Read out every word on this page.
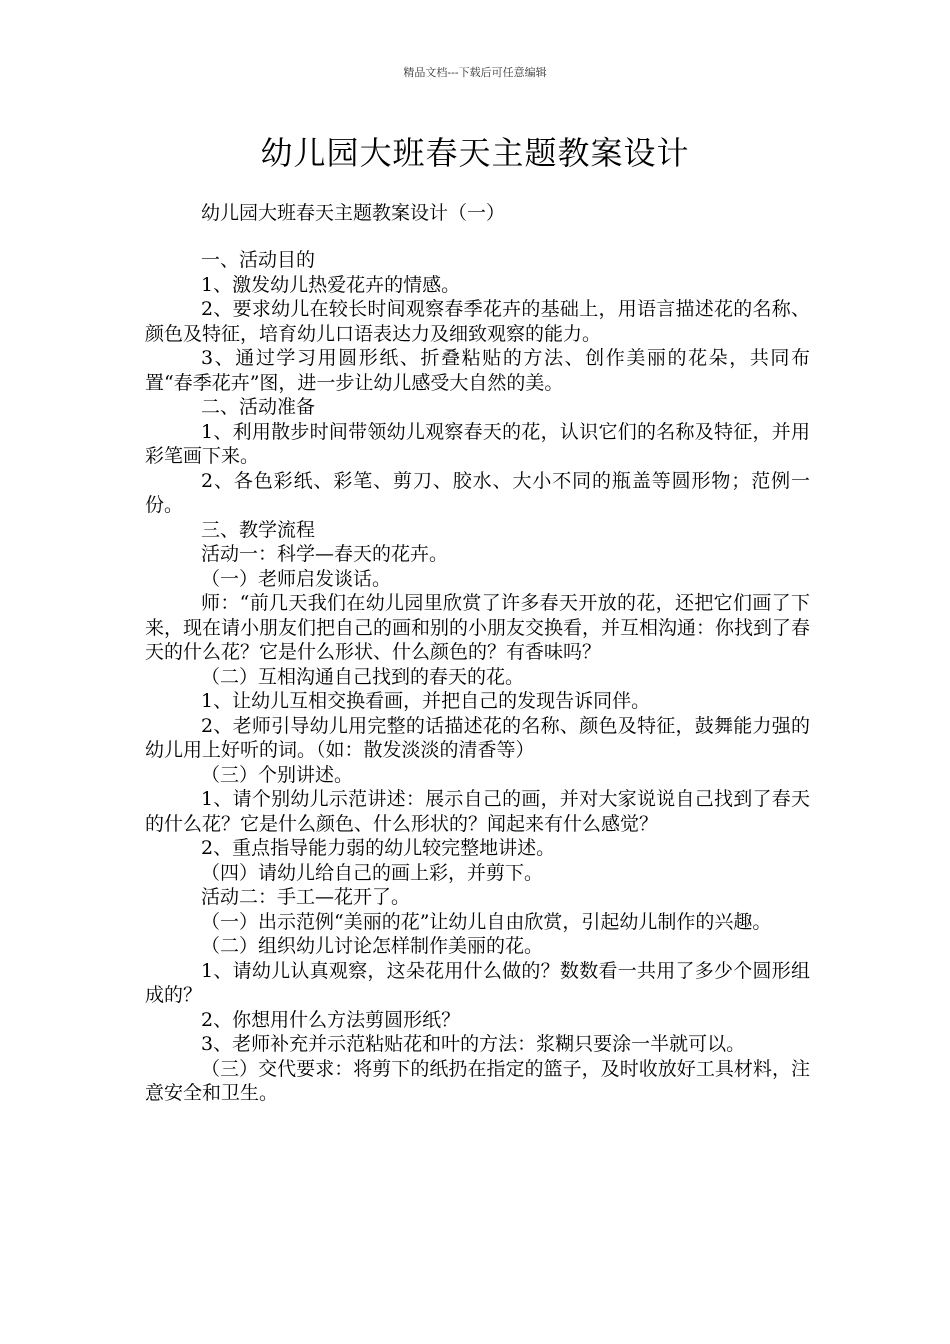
精品文档---下载后可任意编辑
幼儿园大班春天主题教案设计
幼儿园大班春天主题教案设计（一）

一、活动目的

1、激发幼儿热爱花卉的情感。

2、要求幼儿在较长时间观察春季花卉的基础上，用语言描述花的名称、颜色及特征，培育幼儿口语表达力及细致观察的能力。

3、通过学习用圆形纸、折叠粘贴的方法、创作美丽的花朵，共同布置“春季花卉”图，进一步让幼儿感受大自然的美。

二、活动准备

1、利用散步时间带领幼儿观察春天的花，认识它们的名称及特征，并用彩笔画下来。

2、各色彩纸、彩笔、剪刀、胶水、大小不同的瓶盖等圆形物；范例一份。

三、教学流程

活动一：科学—春天的花卉。

（一）老师启发谈话。

师：“前几天我们在幼儿园里欣赏了许多春天开放的花，还把它们画了下来，现在请小朋友们把自己的画和别的小朋友交换看，并互相沟通：你找到了春天的什么花？它是什么形状、什么颜色的？有香味吗？

（二）互相沟通自己找到的春天的花。

1、让幼儿互相交换看画，并把自己的发现告诉同伴。

2、老师引导幼儿用完整的话描述花的名称、颜色及特征，鼓舞能力强的幼儿用上好听的词。（如：散发淡淡的清香等）

（三）个别讲述。

1、请个别幼儿示范讲述：展示自己的画，并对大家说说自己找到了春天的什么花？它是什么颜色、什么形状的？闻起来有什么感觉？

2、重点指导能力弱的幼儿较完整地讲述。

（四）请幼儿给自己的画上彩，并剪下。

活动二：手工—花开了。

（一）出示范例“美丽的花”让幼儿自由欣赏，引起幼儿制作的兴趣。

（二）组织幼儿讨论怎样制作美丽的花。

1、请幼儿认真观察，这朵花用什么做的？数数看一共用了多少个圆形组成的？

2、你想用什么方法剪圆形纸？

3、老师补充并示范粘贴花和叶的方法：浆糊只要涂一半就可以。

（三）交代要求：将剪下的纸扔在指定的篮子，及时收放好工具材料，注意安全和卫生。
